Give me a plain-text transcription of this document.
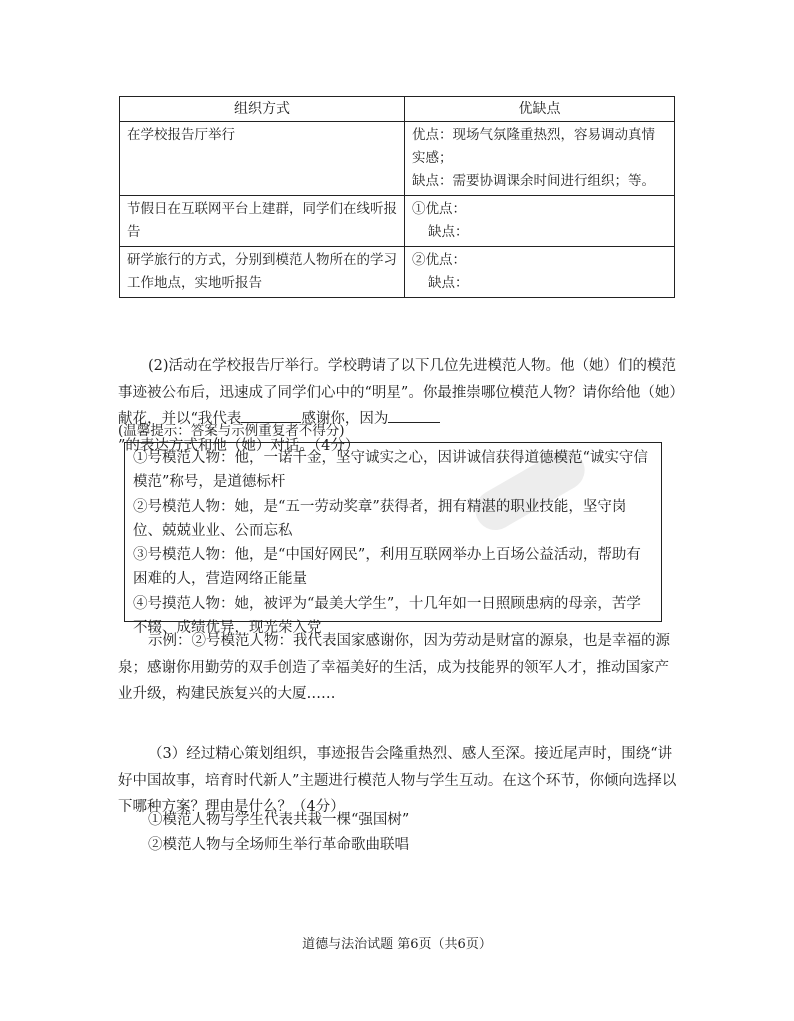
组织方式	优缺点
在学校报告厅举行	优点：现场气氛隆重热烈，容易调动真情实感；
缺点：需要协调课余时间进行组织；等。

节假日在互联网平台上建群，同学们在线听报告	①优点：
缺点：

研学旅行的方式，分别到模范人物所在的学习工作地点，实地听报告	②优点：
缺点：
(2)活动在学校报告厅举行。学校聘请了以下几位先进模范人物。他（她）们的模范事迹被公布后，迅速成了同学们心中的“明星”。你最推崇哪位模范人物？请你给他（她）献花，并以“我代表	感谢你，因为”的表达方式和他（她）对话。（4分）
(温馨提示：答案与示例重复者不得分)
①号模范人物：他，一诺千金，坚守诚实之心，因讲诚信获得道德模范“诚实守信模范”称号，是道德标杆
②号模范人物：她，是“五一劳动奖章”获得者，拥有精湛的职业技能，坚守岗位、兢兢业业、公而忘私
③号模范人物：他，是“中国好网民”，利用互联网举办上百场公益活动，帮助有困难的人，营造网络正能量
④号摸范人物：她，被评为“最美大学生”，十几年如一日照顾患病的母亲，苦学不辍、成绩优异，现光荣入党
示例：②号模范人物：我代表国家感谢你，因为劳动是财富的源泉，也是幸福的源泉；感谢你用勤劳的双手创造了幸福美好的生活，成为技能界的领军人才，推动国家产业升级，构建民族复兴的大厦……
（3）经过精心策划组织，事迹报告会隆重热烈、感人至深。接近尾声时，围绕“讲好中国故事，培育时代新人”主题进行模范人物与学生互动。在这个环节，你倾向选择以下哪种方案？理由是什么？（4分）
①模范人物与学生代表共栽一棵“强国树”
②模范人物与全场师生举行革命歌曲联唱
道德与法治试题 第6页（共6页）
